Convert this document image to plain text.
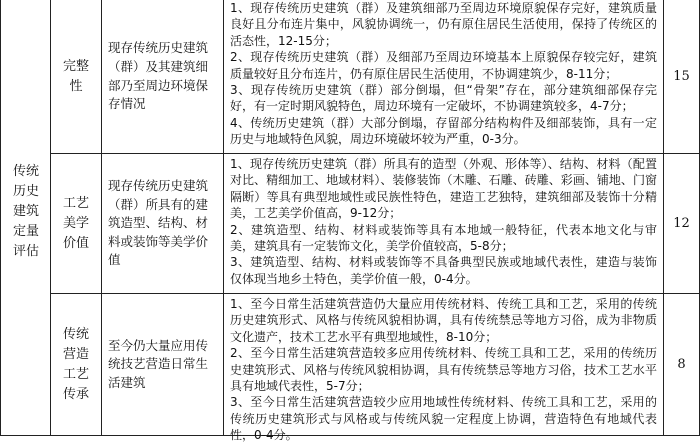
传统历史建筑定量评估
完整性
现存传统历史建筑（群）及其建筑细部乃至周边环境保存情况

1、现存传统历史建筑（群）及建筑细部乃至周边环境原貌保存完好，建筑质量良好且分布连片集中，风貌协调统一，仍有原住居民生活使用，保持了传统区的活态性，12-15分；

2、现存传统历史建筑（群）及细部乃至周边环境基本上原貌保存较完好，建筑质量较好且分布连片，仍有原住居民生活使用，不协调建筑少，8-11分；

3、现存传统历史建筑（群）部分倒塌，但“骨架”存在，部分建筑细部保存完好，有一定时期风貌特色，周边环境有一定破坏，不协调建筑较多，4-7分；

4、传统历史建筑（群）大部分倒塌，存留部分结构构件及细部装饰，具有一定历史与地域特色风貌，周边环境破坏较为严重，0-3分。

15
工艺美学价值
现存传统历史建筑（群）所具有的建筑造型、结构、材料或装饰等美学价值

1、现存传统历史建筑（群）所具有的造型（外观、形体等）、结构、材料（配置对比、精细加工、地域材料）、装修装饰（木雕、石雕、砖雕、彩画、铺地、门窗隔断）等具有典型地域性或民族性特色，建造工艺独特，建筑细部及装饰十分精美，工艺美学价值高，9-12分；

2、建筑造型、结构、材料或装饰等具有本地域一般特征，代表本地文化与审美，建筑具有一定装饰文化，美学价值较高，5-8分；

3、建筑造型、结构、材料或装饰等不具备典型民族或地域代表性，建造与装饰仅体现当地乡土特色，美学价值一般，0-4分。

12
传统营造工艺传承
至今仍大量应用传统技艺营造日常生活建筑

1、至今日常生活建筑营造仍大量应用传统材料、传统工具和工艺，采用的传统历史建筑形式、风格与传统风貌相协调，具有传统禁忌等地方习俗，成为非物质文化遗产，技术工艺水平有典型地域性，8-10分；

2、至今日常生活建筑营造较多应用传统材料、传统工具和工艺，采用的传统历史建筑形式、风格与传统风貌相协调，具有传统禁忌等地方习俗，技术工艺水平具有地域代表性，5-7分；

3、至今日常生活建筑营造较少应用地域性传统材料、传统工具和工艺，采用的传统历史建筑形式与风格或与传统风貌一定程度上协调，营造特色有地域代表性，0-4分。

8
